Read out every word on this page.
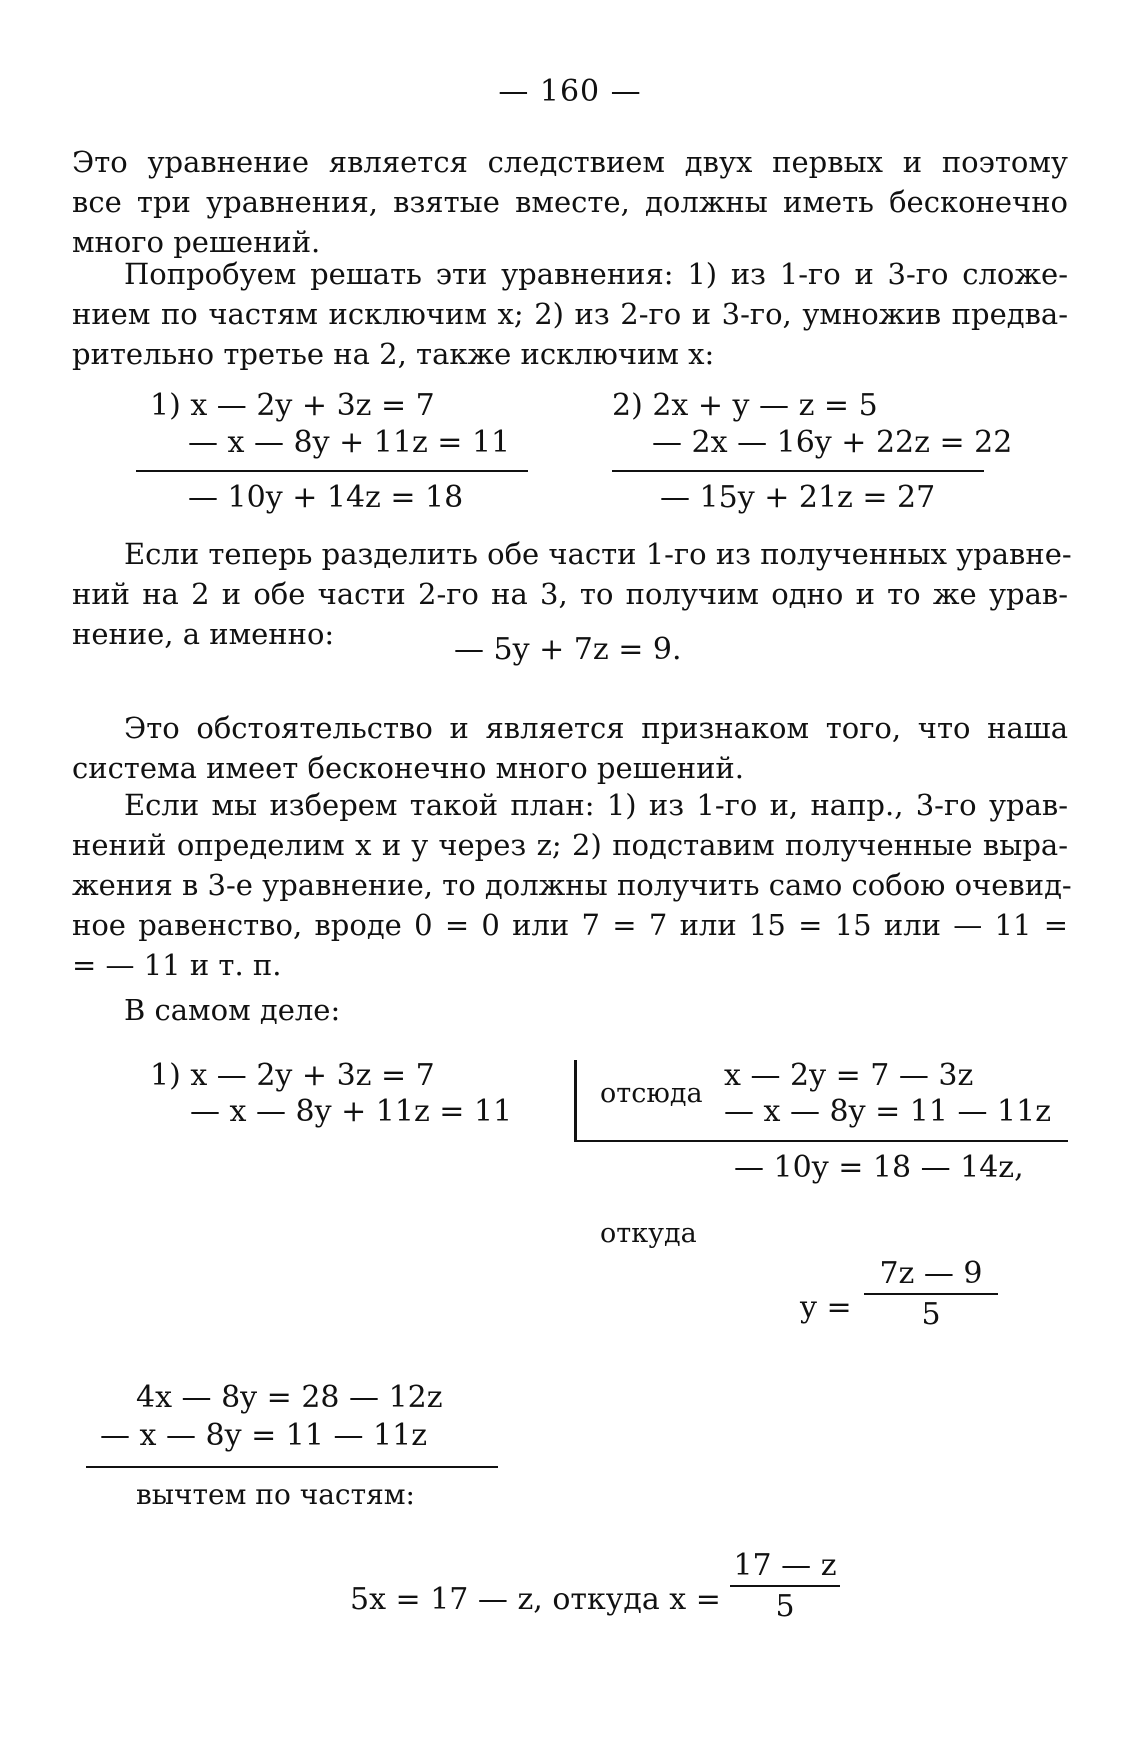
— 160 —
Это уравнение является следствием двух первых и поэтому
все три уравнения, взятые вместе, должны иметь бесконечно
много решений.
Попробуем решать эти уравнения: 1) из 1-го и 3-го сложе-
нием по частям исключим x; 2) из 2-го и 3-го, умножив предва-
рительно третье на 2, также исключим x:
1) x — 2y + 3z = 7
— x — 8y + 11z = 11
— 10y + 14z = 18
2) 2x + y — z = 5
— 2x — 16y + 22z = 22
— 15y + 21z = 27
Если теперь разделить обе части 1-го из полученных уравне-
ний на 2 и обе части 2-го на 3, то получим одно и то же урав-
нение, а именно:	— 5y + 7z = 9.
Это обстоятельство и является признаком того, что наша
система имеет бесконечно много решений.
Если мы изберем такой план: 1) из 1-го и, напр., 3-го урав-
нений определим x и y через z; 2) подставим полученные выра-
жения в 3-е уравнение, то должны получить само собою очевид-
ное равенство, вроде 0 = 0 или 7 = 7 или 15 = 15 или — 11 =
= — 11 и т. п.
В самом деле:
1) x — 2y + 3z = 7
— x — 8y + 11z = 11
отсюда
x — 2y = 7 — 3z
— x — 8y = 11 — 11z
— 10y = 18 — 14z,
откуда
y =
7z — 9
5
4x — 8y = 28 — 12z
— x — 8y = 11 — 11z
вычтем по частям:
5x = 17 — z, откуда x =
17 — z
5
